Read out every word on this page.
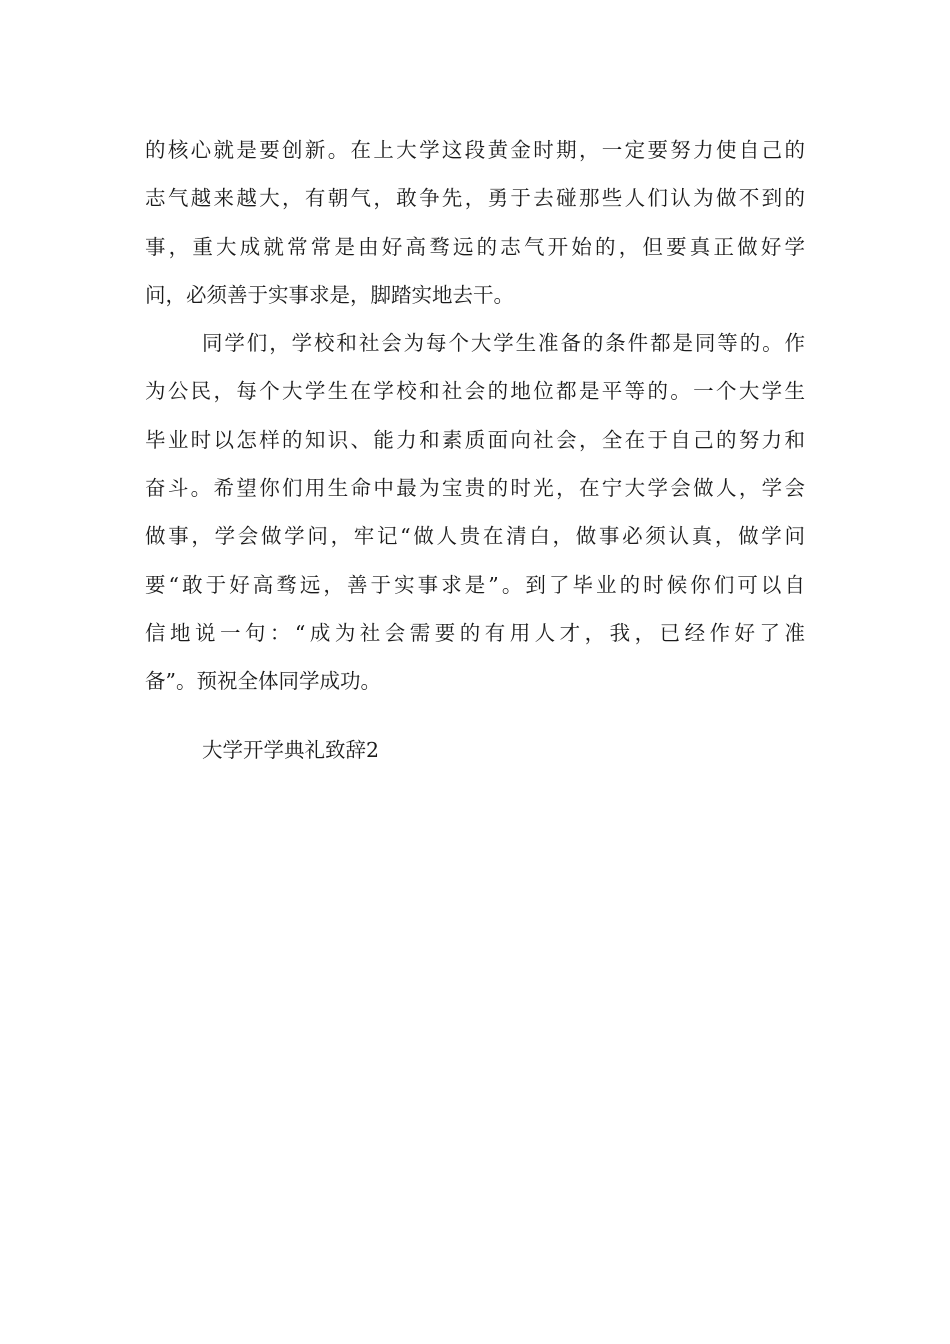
的核心就是要创新。在上大学这段黄金时期，一定要努力使自己的
志气越来越大，有朝气，敢争先，勇于去碰那些人们认为做不到的
事，重大成就常常是由好高骛远的志气开始的，但要真正做好学
问，必须善于实事求是，脚踏实地去干。
同学们，学校和社会为每个大学生准备的条件都是同等的。作
为公民，每个大学生在学校和社会的地位都是平等的。一个大学生
毕业时以怎样的知识、能力和素质面向社会，全在于自己的努力和
奋斗。希望你们用生命中最为宝贵的时光，在宁大学会做人，学会
做事，学会做学问，牢记“做人贵在清白，做事必须认真，做学问
要“敢于好高骛远，善于实事求是”。到了毕业的时候你们可以自
信地说一句：“成为社会需要的有用人才，我，已经作好了准
备”。预祝全体同学成功。
大学开学典礼致辞2
